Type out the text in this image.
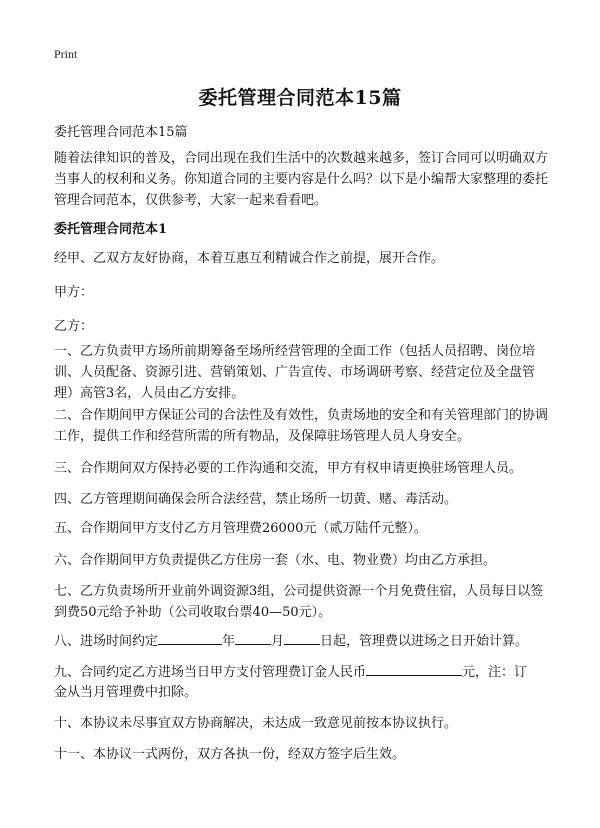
Print
委托管理合同范本15篇
委托管理合同范本15篇
随着法律知识的普及，合同出现在我们生活中的次数越来越多，签订合同可以明确双方当事人的权利和义务。你知道合同的主要内容是什么吗？以下是小编帮大家整理的委托管理合同范本，仅供参考，大家一起来看看吧。
委托管理合同范本1
经甲、乙双方友好协商，本着互惠互利精诚合作之前提，展开合作。
甲方：
乙方：
一、乙方负责甲方场所前期筹备至场所经营管理的全面工作（包括人员招聘、岗位培训、人员配备、资源引进、营销策划、广告宣传、市场调研考察、经营定位及全盘管理）高管3名，人员由乙方安排。
二、合作期间甲方保证公司的合法性及有效性，负责场地的安全和有关管理部门的协调工作，提供工作和经营所需的所有物品，及保障驻场管理人员人身安全。
三、合作期间双方保持必要的工作沟通和交流，甲方有权申请更换驻场管理人员。
四、乙方管理期间确保会所合法经营，禁止场所一切黄、赌、毒活动。
五、合作期间甲方支付乙方月管理费26000元（贰万陆仟元整）。
六、合作期间甲方负责提供乙方住房一套（水、电、物业费）均由乙方承担。
七、乙方负责场所开业前外调资源3组，公司提供资源一个月免费住宿，人员每日以签到费50元给予补助（公司收取台票40—50元）。
八、进场时间约定	年	月	日起，管理费以进场之日开始计算。
九、合同约定乙方进场当日甲方支付管理费订金人民币	元，注：订
金从当月管理费中扣除。
十、本协议未尽事宜双方协商解决，未达成一致意见前按本协议执行。
十一、本协议一式两份，双方各执一份，经双方签字后生效。
